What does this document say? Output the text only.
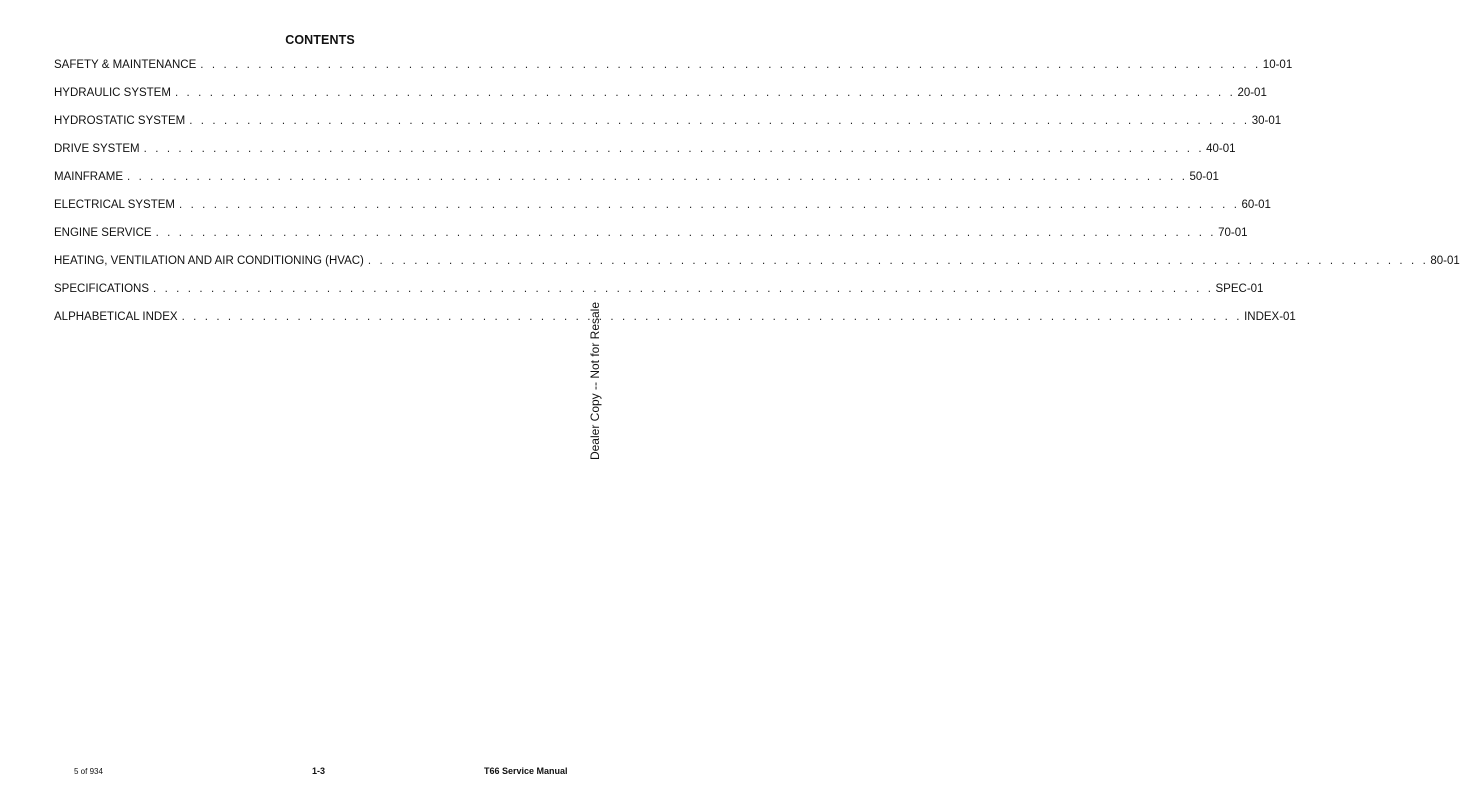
CONTENTS
SAFETY & MAINTENANCE . . . . . . . . . . . . . . . . . . . . . . . . . . . . . . . . . . . . . . . . . . . . . . . . . . . . . . . . . . . . . . . . . . . . . . . . . . . . . . . . . . . . . . . . . . . . 10-01
HYDRAULIC SYSTEM . . . . . . . . . . . . . . . . . . . . . . . . . . . . . . . . . . . . . . . . . . . . . . . . . . . . . . . . . . . . . . . . . . . . . . . . . . . . . . . . . . . . . . . . . . . . 20-01
HYDROSTATIC SYSTEM . . . . . . . . . . . . . . . . . . . . . . . . . . . . . . . . . . . . . . . . . . . . . . . . . . . . . . . . . . . . . . . . . . . . . . . . . . . . . . . . . . . . . . . . . . . . 30-01
DRIVE SYSTEM . . . . . . . . . . . . . . . . . . . . . . . . . . . . . . . . . . . . . . . . . . . . . . . . . . . . . . . . . . . . . . . . . . . . . . . . . . . . . . . . . . . . . . . . . . . . 40-01
MAINFRAME . . . . . . . . . . . . . . . . . . . . . . . . . . . . . . . . . . . . . . . . . . . . . . . . . . . . . . . . . . . . . . . . . . . . . . . . . . . . . . . . . . . . . . . . . . . . 50-01
ELECTRICAL SYSTEM . . . . . . . . . . . . . . . . . . . . . . . . . . . . . . . . . . . . . . . . . . . . . . . . . . . . . . . . . . . . . . . . . . . . . . . . . . . . . . . . . . . . . . . . . . . . 60-01
ENGINE SERVICE . . . . . . . . . . . . . . . . . . . . . . . . . . . . . . . . . . . . . . . . . . . . . . . . . . . . . . . . . . . . . . . . . . . . . . . . . . . . . . . . . . . . . . . . . . . . 70-01
HEATING, VENTILATION AND AIR CONDITIONING (HVAC) . . . . . . . . . . . . . . . . . . . . . . . . . . . . . . . . . . . . . . . . . . . . . . . . . . . . . . . . . . . . . . . . . . . . . . . . . . . . . . . . . . . . . . . . . . . . 80-01
SPECIFICATIONS . . . . . . . . . . . . . . . . . . . . . . . . . . . . . . . . . . . . . . . . . . . . . . . . . . . . . . . . . . . . . . . . . . . . . . . . . . . . . . . . . . . . . . . . . . . . SPEC-01
ALPHABETICAL INDEX . . . . . . . . . . . . . . . . . . . . . . . . . . . . . . . . . . . . . . . . . . . . . . . . . . . . . . . . . . . . . . . . . . . . . . . . . . . . . . . . . . . . . . . . . . . . INDEX-01
Dealer Copy -- Not for Resale
5 of 934	1-3	T66 Service Manual
